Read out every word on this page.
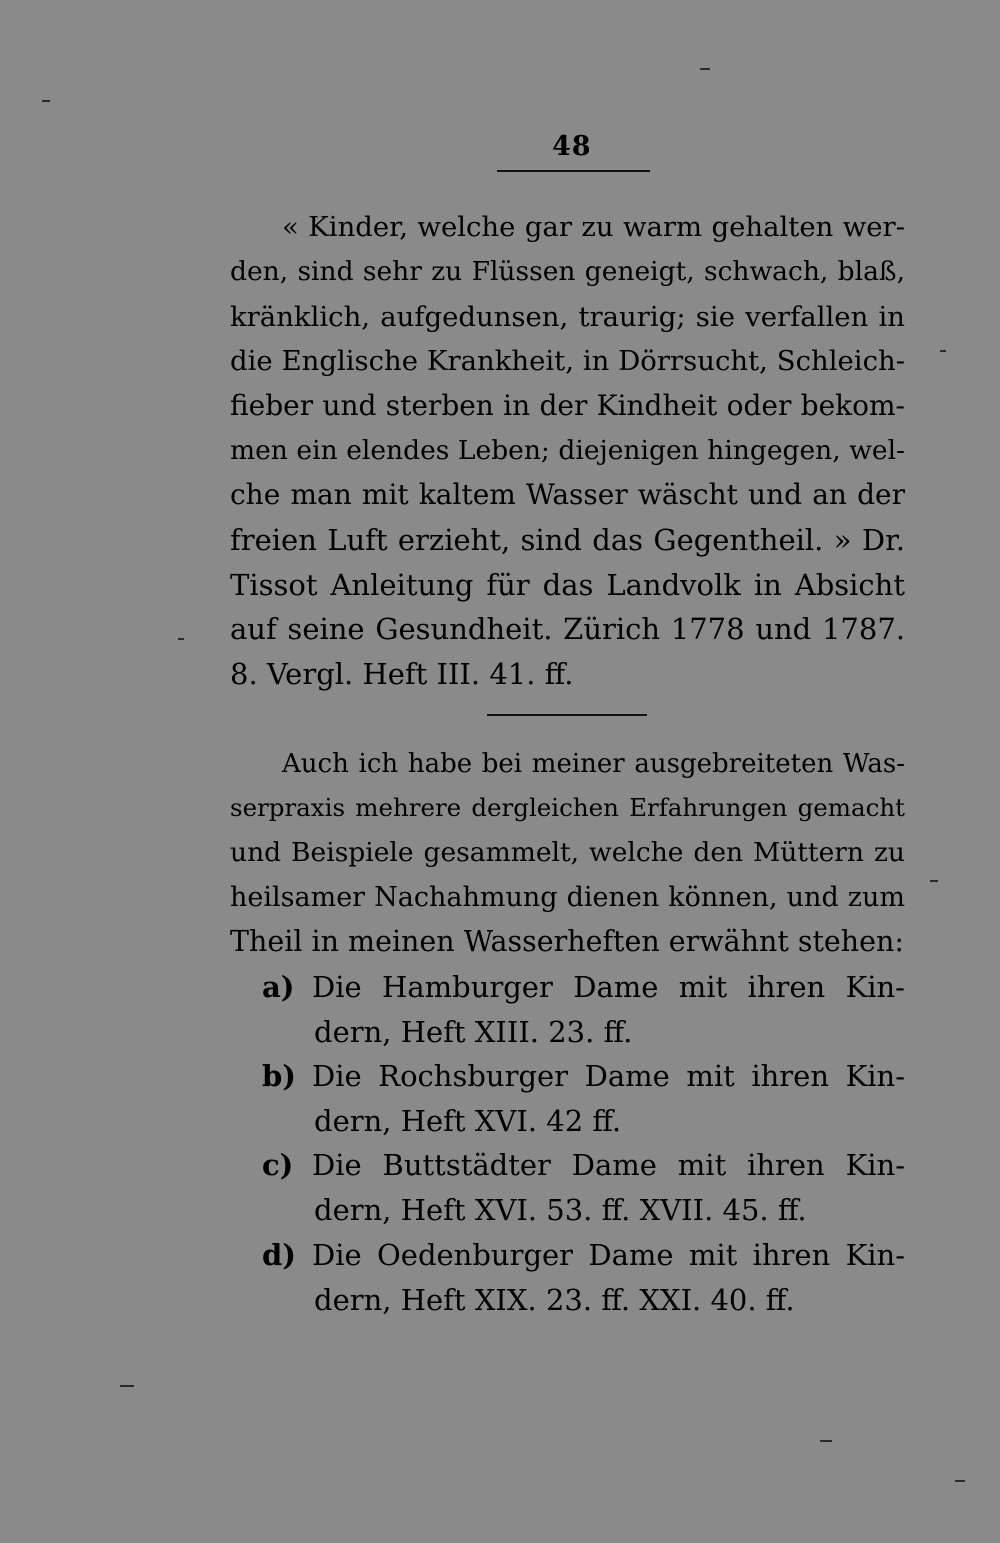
48
« Kinder, welche gar zu warm gehalten wer-
den, sind sehr zu Flüssen geneigt, schwach, blaß,
kränklich, aufgedunsen, traurig; sie verfallen in
die Englische Krankheit, in Dörrsucht, Schleich-
fieber und sterben in der Kindheit oder bekom-
men ein elendes Leben; diejenigen hingegen, wel-
che man mit kaltem Wasser wäscht und an der
freien Luft erzieht, sind das Gegentheil. » Dr.
Tissot Anleitung für das Landvolk in Absicht
auf seine Gesundheit. Zürich 1778 und 1787.
8. Vergl. Heft III. 41. ff.
Auch ich habe bei meiner ausgebreiteten Was-
serpraxis mehrere dergleichen Erfahrungen gemacht
und Beispiele gesammelt, welche den Müttern zu
heilsamer Nachahmung dienen können, und zum
Theil in meinen Wasserheften erwähnt stehen:
a) Die Hamburger Dame mit ihren Kin-
dern, Heft XIII. 23. ff.
b) Die Rochsburger Dame mit ihren Kin-
dern, Heft XVI. 42 ff.
c) Die Buttstädter Dame mit ihren Kin-
dern, Heft XVI. 53. ff. XVII. 45. ff.
d) Die Oedenburger Dame mit ihren Kin-
dern, Heft XIX. 23. ff. XXI. 40. ff.
